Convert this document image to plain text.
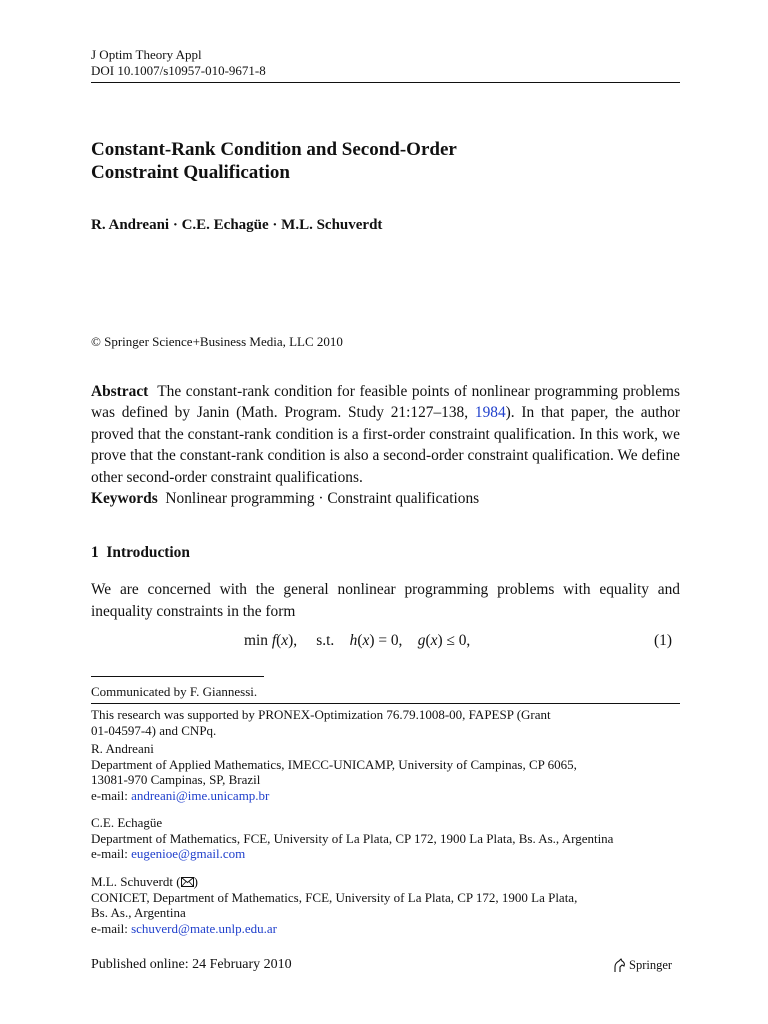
J Optim Theory Appl
DOI 10.1007/s10957-010-9671-8
Constant-Rank Condition and Second-Order
Constraint Qualification
R. Andreani · C.E. Echagüe · M.L. Schuverdt
© Springer Science+Business Media, LLC 2010
Abstract The constant-rank condition for feasible points of nonlinear programming problems was defined by Janin (Math. Program. Study 21:127–138, 1984). In that paper, the author proved that the constant-rank condition is a first-order constraint qualification. In this work, we prove that the constant-rank condition is also a second-order constraint qualification. We define other second-order constraint qualifications.
Keywords Nonlinear programming · Constraint qualifications
1 Introduction
We are concerned with the general nonlinear programming problems with equality and inequality constraints in the form
min f(x),     s.t. h(x) = 0,    g(x) ≤ 0,	(1)
Communicated by F. Giannessi.
This research was supported by PRONEX-Optimization 76.79.1008-00, FAPESP (Grant
01-04597-4) and CNPq.
R. Andreani
Department of Applied Mathematics, IMECC-UNICAMP, University of Campinas, CP 6065,
13081-970 Campinas, SP, Brazil
e-mail: andreani@ime.unicamp.br
C.E. Echagüe
Department of Mathematics, FCE, University of La Plata, CP 172, 1900 La Plata, Bs. As., Argentina
e-mail: eugenioe@gmail.com
M.L. Schuverdt ( )
CONICET, Department of Mathematics, FCE, University of La Plata, CP 172, 1900 La Plata,
Bs. As., Argentina
e-mail: schuverd@mate.unlp.edu.ar
Published online: 24 February 2010	Springer
